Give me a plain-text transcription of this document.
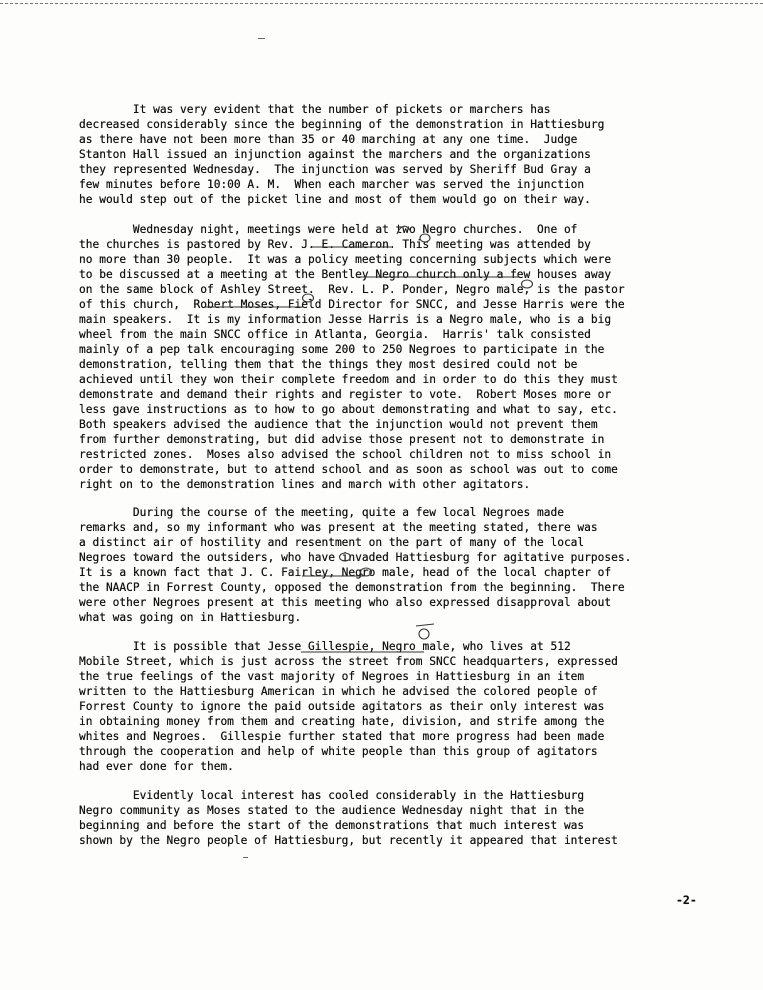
It was very evident that the number of pickets or marchers has
decreased considerably since the beginning of the demonstration in Hattiesburg
as there have not been more than 35 or 40 marching at any one time.  Judge
Stanton Hall issued an injunction against the marchers and the organizations
they represented Wednesday.  The injunction was served by Sheriff Bud Gray a
few minutes before 10:00 A. M.  When each marcher was served the injunction
he would step out of the picket line and most of them would go on their way.
Wednesday night, meetings were held at two Negro churches.  One of
the churches is pastored by Rev. J. E. Cameron. This meeting was attended by
no more than 30 people.  It was a policy meeting concerning subjects which were
to be discussed at a meeting at the Bentley Negro church only a few houses away
on the same block of Ashley Street.  Rev. L. P. Ponder, Negro male, is the pastor
of this church,  Robert Moses, Field Director for SNCC, and Jesse Harris were the
main speakers.  It is my information Jesse Harris is a Negro male, who is a big
wheel from the main SNCC office in Atlanta, Georgia.  Harris' talk consisted
mainly of a pep talk encouraging some 200 to 250 Negroes to participate in the
demonstration, telling them that the things they most desired could not be
achieved until they won their complete freedom and in order to do this they must
demonstrate and demand their rights and register to vote.  Robert Moses more or
less gave instructions as to how to go about demonstrating and what to say, etc.
Both speakers advised the audience that the injunction would not prevent them
from further demonstrating, but did advise those present not to demonstrate in
restricted zones.  Moses also advised the school children not to miss school in
order to demonstrate, but to attend school and as soon as school was out to come
right on to the demonstration lines and march with other agitators.
During the course of the meeting, quite a few local Negroes made
remarks and, so my informant who was present at the meeting stated, there was
a distinct air of hostility and resentment on the part of many of the local
Negroes toward the outsiders, who have invaded Hattiesburg for agitative purposes.
It is a known fact that J. C. Fairley, Negro male, head of the local chapter of
the NAACP in Forrest County, opposed the demonstration from the beginning.  There
were other Negroes present at this meeting who also expressed disapproval about
what was going on in Hattiesburg.
It is possible that Jesse Gillespie, Negro male, who lives at 512
Mobile Street, which is just across the street from SNCC headquarters, expressed
the true feelings of the vast majority of Negroes in Hattiesburg in an item
written to the Hattiesburg American in which he advised the colored people of
Forrest County to ignore the paid outside agitators as their only interest was
in obtaining money from them and creating hate, division, and strife among the
whites and Negroes.  Gillespie further stated that more progress had been made
through the cooperation and help of white people than this group of agitators
had ever done for them.
Evidently local interest has cooled considerably in the Hattiesburg
Negro community as Moses stated to the audience Wednesday night that in the
beginning and before the start of the demonstrations that much interest was
shown by the Negro people of Hattiesburg, but recently it appeared that interest
-2-
